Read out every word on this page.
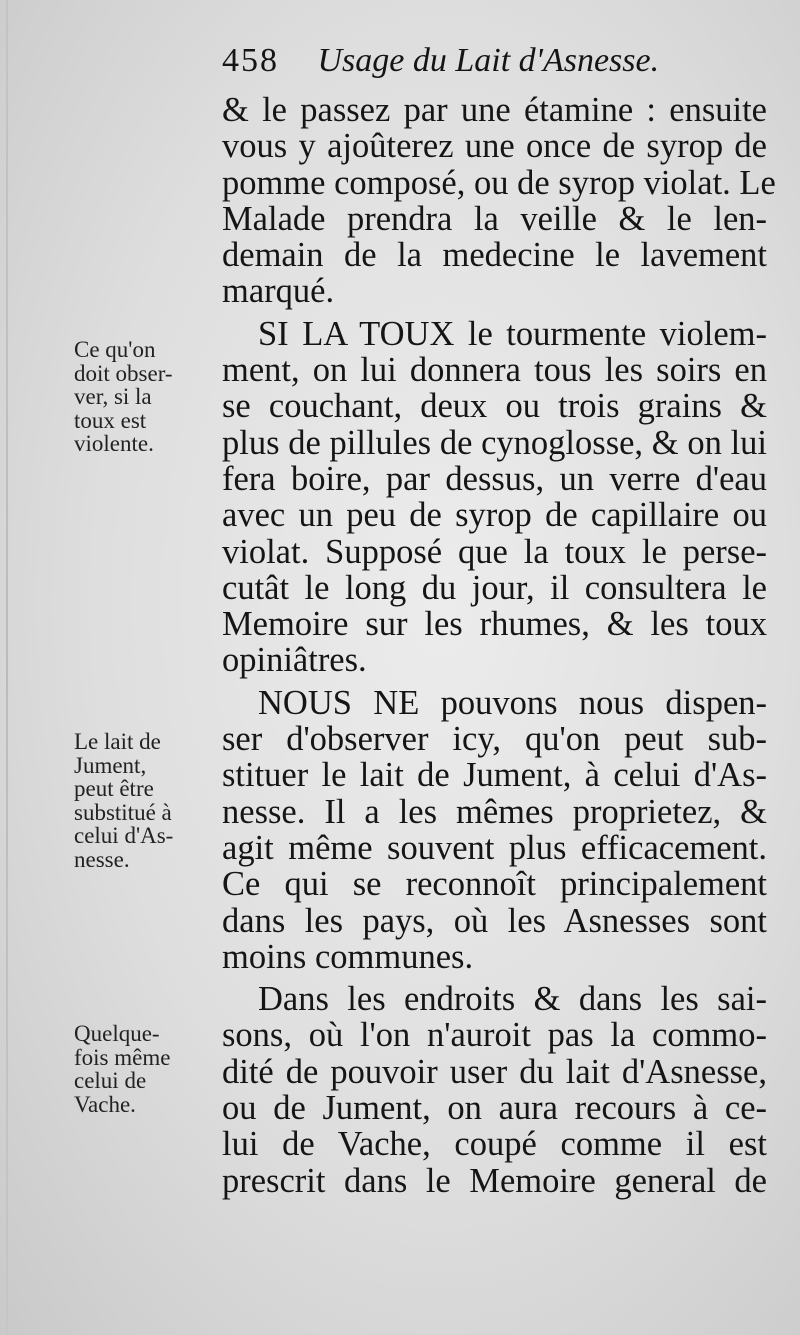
458 Usage du Lait d'Asnesse.
& le passez par une étamine : ensuite
vous y ajoûterez une once de syrop de
pomme composé, ou de syrop violat. Le
Malade prendra la veille & le len-
demain de la medecine le lavement
marqué.
SI LA TOUX le tourmente violem-
ment, on lui donnera tous les soirs en
se couchant, deux ou trois grains &
plus de pillules de cynoglosse, & on lui
fera boire, par dessus, un verre d'eau
avec un peu de syrop de capillaire ou
violat. Supposé que la toux le perse-
cutât le long du jour, il consultera le
Memoire sur les rhumes, & les toux
opiniâtres.
NOUS NE pouvons nous dispen-
ser d'observer icy, qu'on peut sub-
stituer le lait de Jument, à celui d'As-
nesse. Il a les mêmes proprietez, &
agit même souvent plus efficacement.
Ce qui se reconnoît principalement
dans les pays, où les Asnesses sont
moins communes.
Dans les endroits & dans les sai-
sons, où l'on n'auroit pas la commo-
dité de pouvoir user du lait d'Asnesse,
ou de Jument, on aura recours à ce-
lui de Vache, coupé comme il est
prescrit dans le Memoire general de
Ce qu'on
doit obser-
ver, si la
toux est
violente.
Le lait de
Jument,
peut être
substitué à
celui d'As-
nesse.
Quelque-
fois même
celui de
Vache.
